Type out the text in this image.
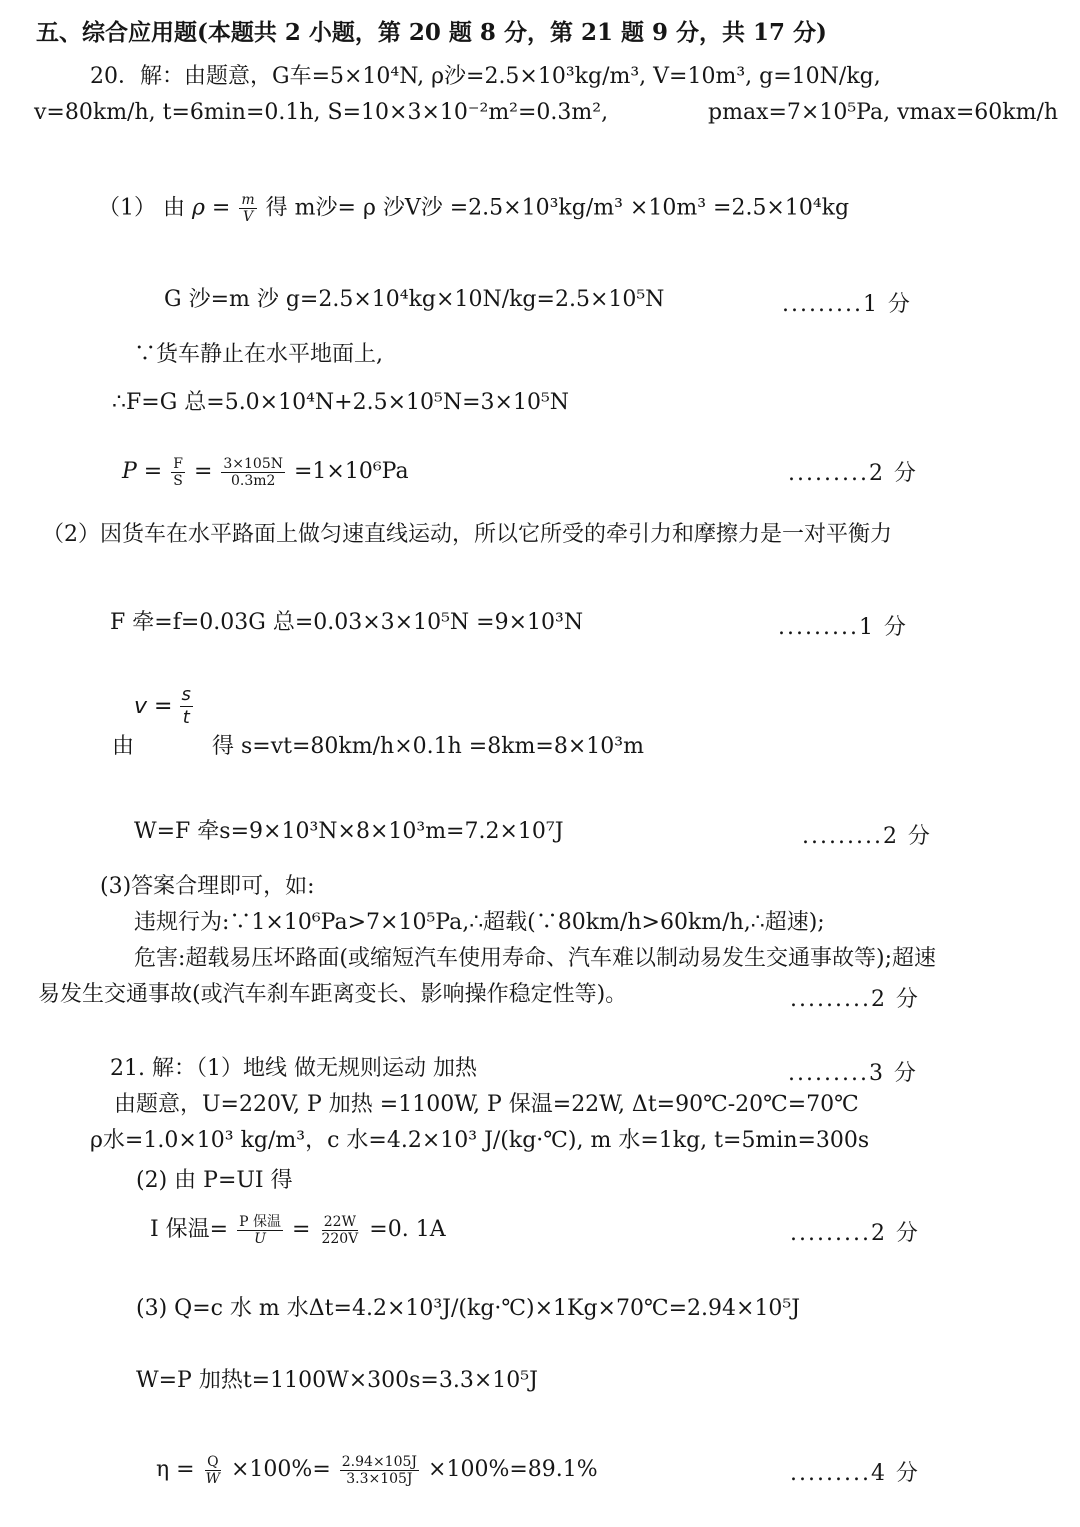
五、综合应用题(本题共 2 小题，第 20 题 8 分，第 21 题 9 分，共 17 分)
20．解：由题意，G车=5×10⁴N, ρ沙=2.5×10³kg/m³, V=10m³, g=10N/kg,
v=80km/h, t=6min=0.1h, S=10×3×10⁻²m²=0.3m²,	pmax=7×10⁵Pa, vmax=60km/h
（1） 由 $\rho = \frac{m}{V}$ 得 m沙= ρ 沙V沙 =2.5×10³kg/m³ ×10m³ =2.5×10⁴kg
G 沙=m 沙 g=2.5×10⁴kg×10N/kg=2.5×10⁵N	.........1 分
∵货车静止在水平地面上,
∴F=G 总=5.0×10⁴N+2.5×10⁵N=3×10⁵N
$P = \frac{F}{S} = \frac{3\times 105N}{0.3m2} =1\times 10^6Pa$	.........2 分
（2）因货车在水平路面上做匀速直线运动，所以它所受的牵引力和摩擦力是一对平衡力
F 牵=f=0.03G 总=0.03×3×10⁵N =9×10³N	.........1 分
$v = \frac{s}{t}$
由	得 s=vt=80km/h×0.1h =8km=8×10³m
W=F 牵s=9×10³N×8×10³m=7.2×10⁷J	.........2 分
(3)答案合理即可，如:
违规行为:∵1×10⁶Pa>7×10⁵Pa,∴超载(∵80km/h>60km/h,∴超速);
危害:超载易压坏路面(或缩短汽车使用寿命、汽车难以制动易发生交通事故等);超速
易发生交通事故(或汽车刹车距离变长、影响操作稳定性等)。	.........2 分
21. 解：（1）地线 做无规则运动 加热	.........3 分
由题意，U=220V, P 加热 =1100W, P 保温=22W, Δt=90℃-20℃=70℃
ρ水=1.0×10³ kg/m³，c 水=4.2×10³ J/(kg·℃), m 水=1kg, t=5min=300s
(2) 由 P=UI 得
I 保温= $\frac{\text{P 保温}}{U} = \frac{22W}{220V} =0$. 1A	.........2 分
(3) Q=c 水 m 水Δt=4.2×10³J/(kg·℃)×1Kg×70℃=2.94×10⁵J
W=P 加热t=1100W×300s=3.3×10⁵J
$\eta = \frac{Q}{W} \times 100\%= \frac{2.94\times 105J}{3.3\times 105J} \times 100\%=89.1\%$	.........4 分
